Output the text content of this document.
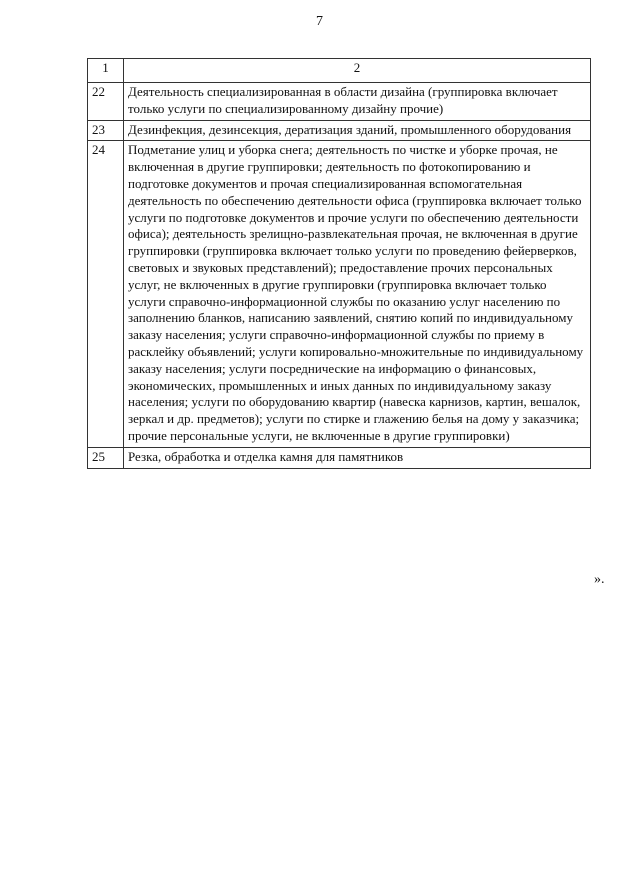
7
1	2
22	Деятельность специализированная в области дизайна (группировка включает только услуги по специализированному дизайну прочие)
23	Дезинфекция, дезинсекция, дератизация зданий, промышленного оборудования
24	Подметание улиц и уборка снега; деятельность по чистке и уборке прочая, не включенная в другие группировки; деятельность по фотокопированию и подготовке документов и прочая специализированная вспомогательная деятельность по обеспечению деятельности офиса (группировка включает только услуги по подготовке документов и прочие услуги по обеспечению деятельности офиса); деятельность зрелищно-развлекательная прочая, не включенная в другие группировки (группировка включает только услуги по проведению фейерверков, световых и звуковых представлений); предоставление прочих персональных услуг, не включенных в другие группировки (группировка включает только услуги справочно-информационной службы по оказанию услуг населению по заполнению бланков, написанию заявлений, снятию копий по индивидуальному заказу населения; услуги справочно-информационной службы по приему в расклейку объявлений; услуги копировально-множительные по индивидуальному заказу населения; услуги посреднические на информацию о финансовых, экономических, промышленных и иных данных по индивидуальному заказу населения; услуги по оборудованию квартир (навеска карнизов, картин, вешалок, зеркал и др. предметов); услуги по стирке и глажению белья на дому у заказчика; прочие персональные услуги, не включенные в другие группировки)
25	Резка, обработка и отделка камня для памятников
».
